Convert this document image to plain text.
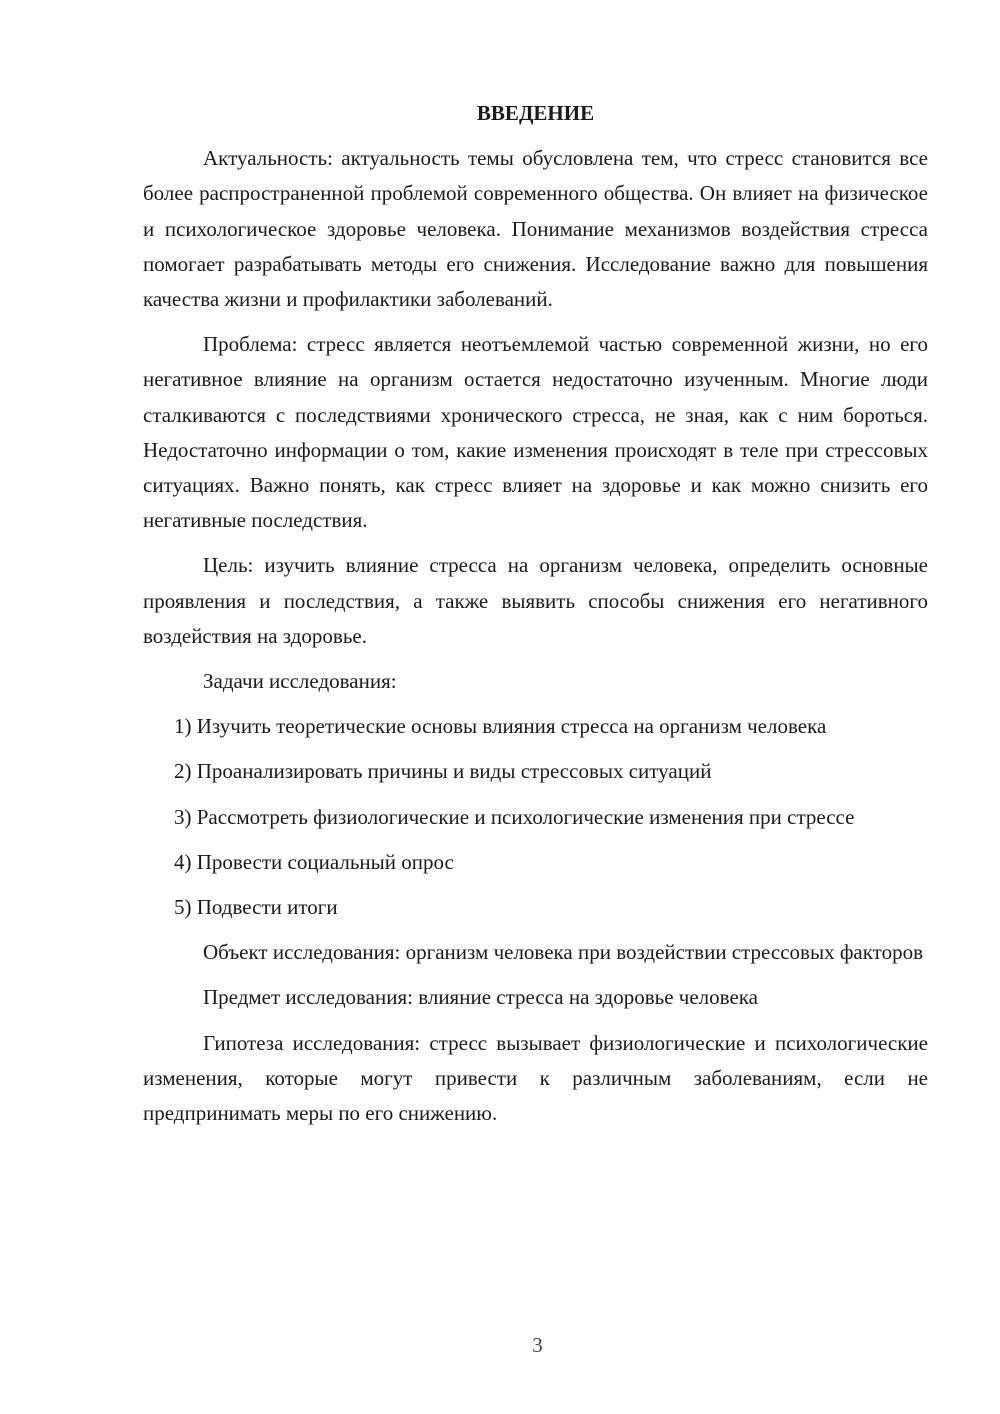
ВВЕДЕНИЕ

Актуальность: актуальность темы обусловлена тем, что стресс становится все более распространенной проблемой современного общества. Он влияет на физическое и психологическое здоровье человека. Понимание механизмов воздействия стресса помогает разрабатывать методы его снижения. Исследование важно для повышения качества жизни и профилактики заболеваний.

Проблема: стресс является неотъемлемой частью современной жизни, но его негативное влияние на организм остается недостаточно изученным. Многие люди сталкиваются с последствиями хронического стресса, не зная, как с ним бороться. Недостаточно информации о том, какие изменения происходят в теле при стрессовых ситуациях. Важно понять, как стресс влияет на здоровье и как можно снизить его негативные последствия.

Цель: изучить влияние стресса на организм человека, определить основные проявления и последствия, а также выявить способы снижения его негативного воздействия на здоровье.

Задачи исследования:

1) Изучить теоретические основы влияния стресса на организм человека

2) Проанализировать причины и виды стрессовых ситуаций

3) Рассмотреть физиологические и психологические изменения при стрессе

4) Провести социальный опрос

5) Подвести итоги

Объект исследования: организм человека при воздействии стрессовых факторов

Предмет исследования: влияние стресса на здоровье человека

Гипотеза исследования: стресс вызывает физиологические и психологические изменения, которые могут привести к различным заболеваниям, если не предпринимать меры по его снижению.

3
